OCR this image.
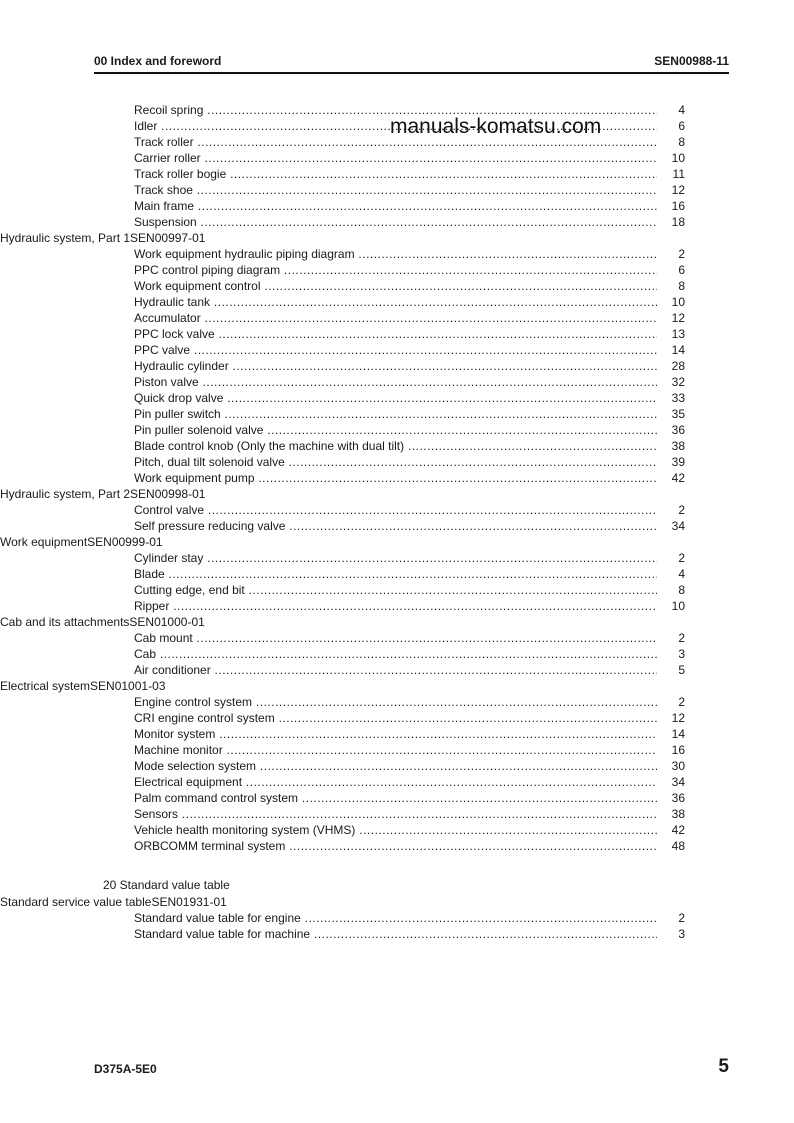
00 Index and foreword	SEN00988-11
Recoil spring .....	4
Idler .....	6
Track roller .....	8
Carrier roller .....	10
Track roller bogie .....	11
Track shoe .....	12
Main frame .....	16
Suspension .....	18
Hydraulic system, Part 1SEN00997-01
Work equipment hydraulic piping diagram .....	2
PPC control piping diagram .....	6
Work equipment control .....	8
Hydraulic tank .....	10
Accumulator .....	12
PPC lock valve .....	13
PPC valve .....	14
Hydraulic cylinder .....	28
Piston valve .....	32
Quick drop valve .....	33
Pin puller switch .....	35
Pin puller solenoid valve .....	36
Blade control knob (Only the machine with dual tilt) .....	38
Pitch, dual tilt solenoid valve .....	39
Work equipment pump .....	42
Hydraulic system, Part 2SEN00998-01
Control valve .....	2
Self pressure reducing valve .....	34
Work equipmentSEN00999-01
Cylinder stay .....	2
Blade .....	4
Cutting edge, end bit .....	8
Ripper .....	10
Cab and its attachmentsSEN01000-01
Cab mount .....	2
Cab .....	3
Air conditioner .....	5
Electrical systemSEN01001-03
Engine control system .....	2
CRI engine control system .....	12
Monitor system .....	14
Machine monitor .....	16
Mode selection system .....	30
Electrical equipment .....	34
Palm command control system .....	36
Sensors .....	38
Vehicle health monitoring system (VHMS) .....	42
ORBCOMM terminal system .....	48
20 Standard value table
Standard service value tableSEN01931-01
Standard value table for engine .....	2
Standard value table for machine .....	3
manuals-komatsu.com
D375A-5E0	5
